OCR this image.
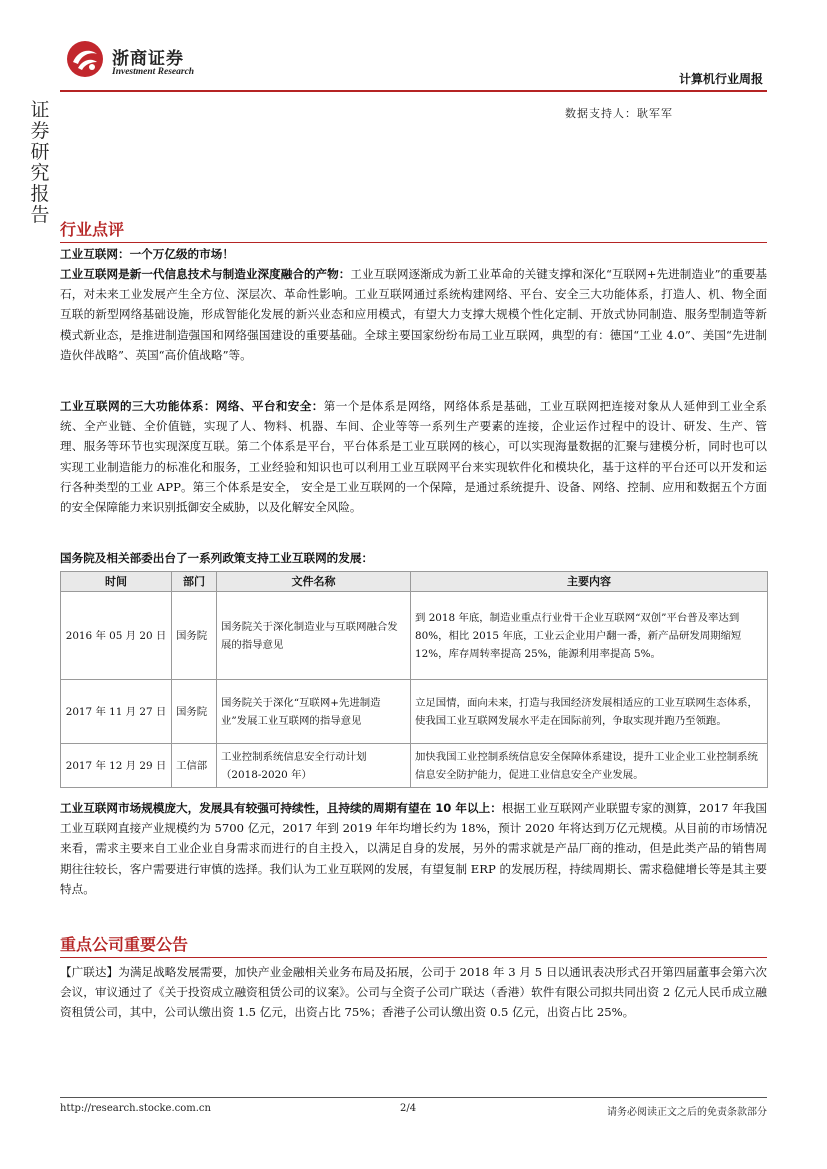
浙商证券
Investment Research	计算机行业周报
证
券
研
究
报
告
数据支持人：耿军军
行业点评
工业互联网：一个万亿级的市场！
工业互联网是新一代信息技术与制造业深度融合的产物：工业互联网逐渐成为新工业革命的关键支撑和深化“互联网+先进制造业”的重要基石，对未来工业发展产生全方位、深层次、革命性影响。工业互联网通过系统构建网络、平台、安全三大功能体系，打造人、机、物全面互联的新型网络基础设施，形成智能化发展的新兴业态和应用模式，有望大力支撑大规模个性化定制、开放式协同制造、服务型制造等新模式新业态，是推进制造强国和网络强国建设的重要基础。全球主要国家纷纷布局工业互联网，典型的有：德国“工业 4.0”、美国“先进制造伙伴战略”、英国“高价值战略”等。
工业互联网的三大功能体系：网络、平台和安全：第一个是体系是网络，网络体系是基础，工业互联网把连接对象从人延伸到工业全系统、全产业链、全价值链，实现了人、物料、机器、车间、企业等等一系列生产要素的连接，企业运作过程中的设计、研发、生产、管理、服务等环节也实现深度互联。第二个体系是平台，平台体系是工业互联网的核心，可以实现海量数据的汇聚与建模分析，同时也可以实现工业制造能力的标准化和服务，工业经验和知识也可以利用工业互联网平台来实现软件化和模块化，基于这样的平台还可以开发和运行各种类型的工业 APP。第三个体系是安全， 安全是工业互联网的一个保障，是通过系统提升、设备、网络、控制、应用和数据五个方面的安全保障能力来识别抵御安全威胁，以及化解安全风险。
国务院及相关部委出台了一系列政策支持工业互联网的发展：
时间	部门	文件名称	主要内容
2016 年 05 月 20 日	国务院	国务院关于深化制造业与互联网融合发展的指导意见	到 2018 年底，制造业重点行业骨干企业互联网“双创”平台普及率达到 80%，相比 2015 年底，工业云企业用户翻一番，新产品研发周期缩短 12%，库存周转率提高 25%，能源利用率提高 5%。
2017 年 11 月 27 日	国务院	国务院关于深化“互联网+先进制造业”发展工业互联网的指导意见	立足国情，面向未来，打造与我国经济发展相适应的工业互联网生态体系，使我国工业互联网发展水平走在国际前列，争取实现并跑乃至领跑。
2017 年 12 月 29 日	工信部	工业控制系统信息安全行动计划（2018-2020 年）	加快我国工业控制系统信息安全保障体系建设，提升工业企业工业控制系统信息安全防护能力，促进工业信息安全产业发展。
工业互联网市场规模庞大，发展具有较强可持续性，且持续的周期有望在 10 年以上：根据工业互联网产业联盟专家的测算，2017 年我国工业互联网直接产业规模约为 5700 亿元，2017 年到 2019 年年均增长约为 18%，预计 2020 年将达到万亿元规模。从目前的市场情况来看，需求主要来自工业企业自身需求而进行的自主投入，以满足自身的发展，另外的需求就是产品厂商的推动，但是此类产品的销售周期往往较长，客户需要进行审慎的选择。我们认为工业互联网的发展，有望复制 ERP 的发展历程，持续周期长、需求稳健增长等是其主要特点。
重点公司重要公告
【广联达】为满足战略发展需要，加快产业金融相关业务布局及拓展，公司于 2018 年 3 月 5 日以通讯表决形式召开第四届董事会第六次会议，审议通过了《关于投资成立融资租赁公司的议案》。公司与全资子公司广联达（香港）软件有限公司拟共同出资 2 亿元人民币成立融资租赁公司，其中，公司认缴出资 1.5 亿元，出资占比 75%；香港子公司认缴出资 0.5 亿元，出资占比 25%。
http://research.stocke.com.cn	2/4	请务必阅读正文之后的免责条款部分
